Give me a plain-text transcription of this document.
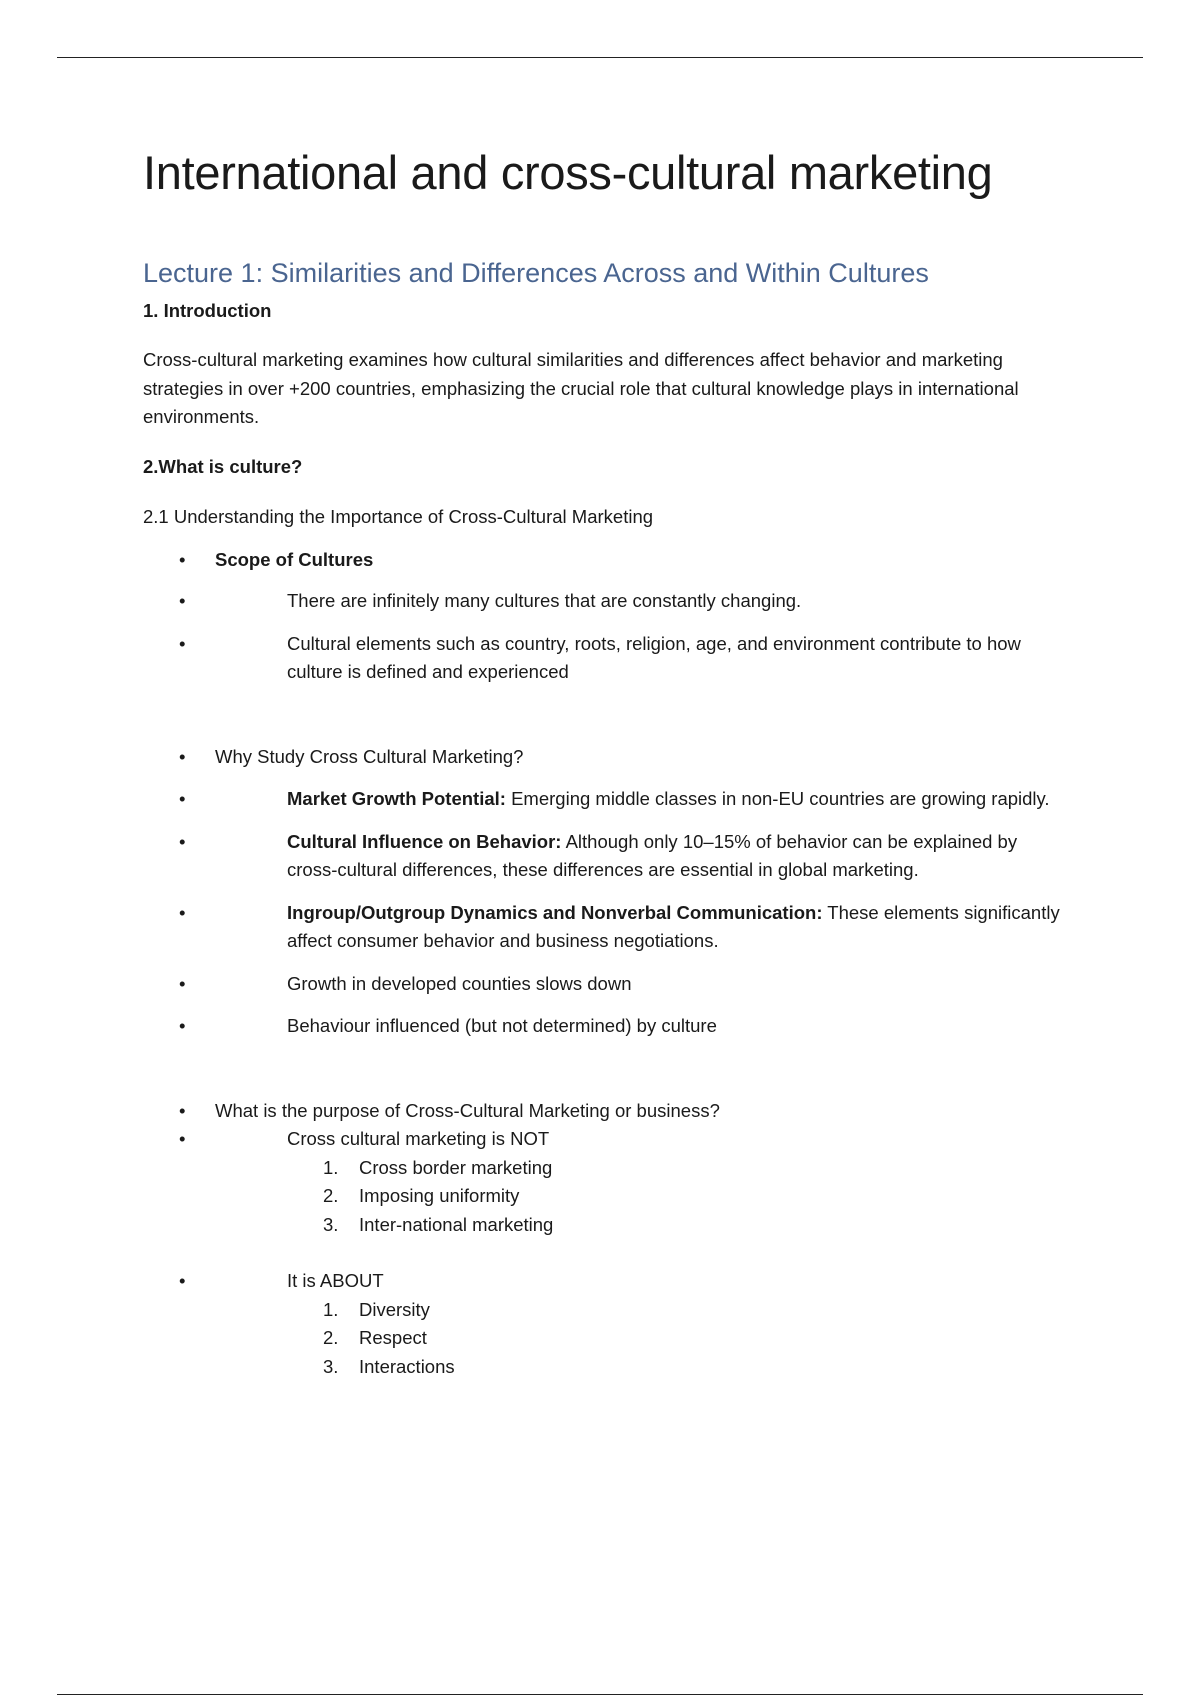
International and cross-cultural marketing
Lecture 1: Similarities and Differences Across and Within Cultures
1. Introduction

Cross-cultural marketing examines how cultural similarities and differences affect behavior and marketing strategies in over +200 countries, emphasizing the crucial role that cultural knowledge plays in international environments.

2.What is culture?

2.1 Understanding the Importance of Cross-Cultural Marketing

• Scope of Cultures
• There are infinitely many cultures that are constantly changing.
• Cultural elements such as country, roots, religion, age, and environment contribute to how culture is defined and experienced
• Why Study Cross Cultural Marketing?
• Market Growth Potential: Emerging middle classes in non-EU countries are growing rapidly.
• Cultural Influence on Behavior: Although only 10–15% of behavior can be explained by cross-cultural differences, these differences are essential in global marketing.
• Ingroup/Outgroup Dynamics and Nonverbal Communication: These elements significantly affect consumer behavior and business negotiations.
• Growth in developed counties slows down
• Behaviour influenced (but not determined) by culture
• What is the purpose of Cross-Cultural Marketing or business?
• Cross cultural marketing is NOT
1. Cross border marketing
2. Imposing uniformity
3. Inter-national marketing
• It is ABOUT
1. Diversity
2. Respect
3. Interactions
